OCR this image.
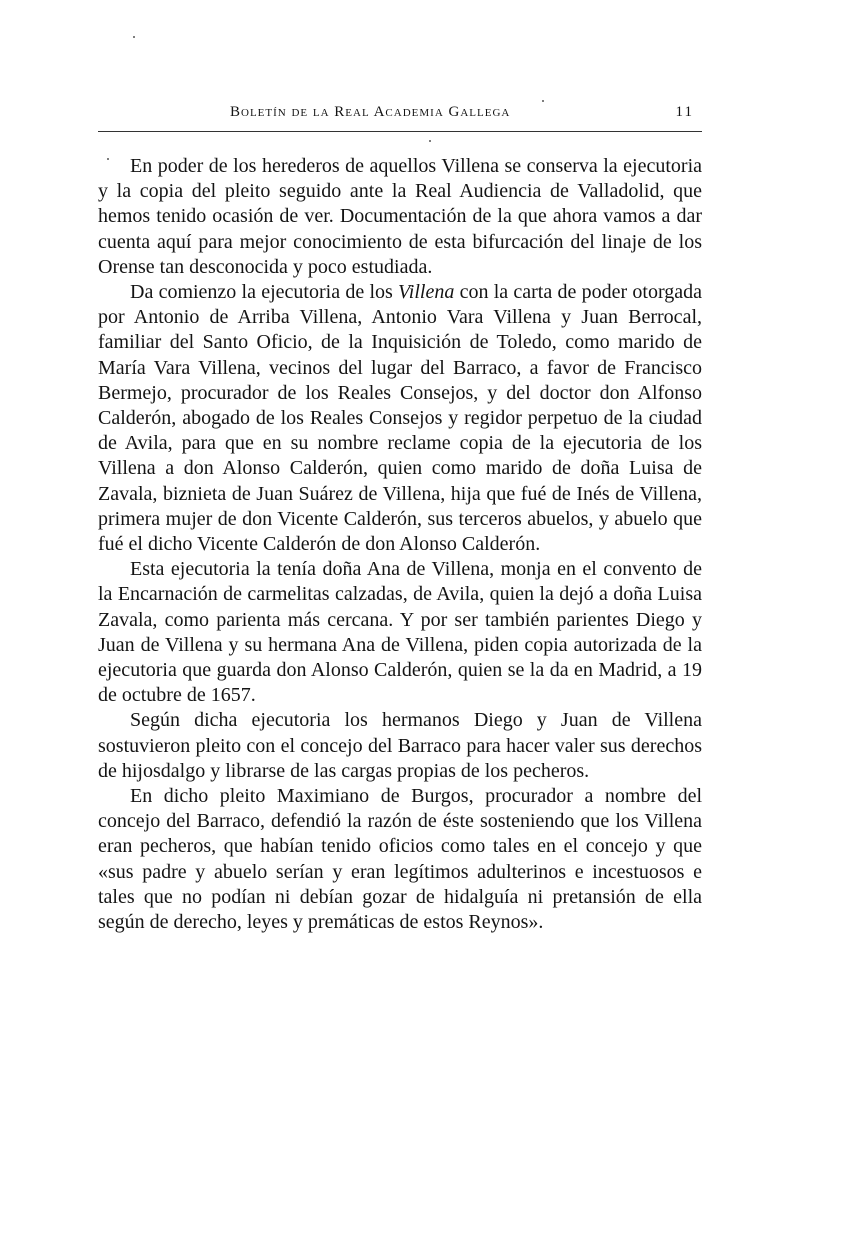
Boletín de la Real Academia Gallega	11

En poder de los herederos de aquellos Villena se conserva la ejecutoria y la copia del pleito seguido ante la Real Audiencia de Valladolid, que hemos tenido ocasión de ver. Documentación de la que ahora vamos a dar cuenta aquí para mejor conocimiento de esta bifurcación del linaje de los Orense tan desconocida y poco estudiada.

Da comienzo la ejecutoria de los Villena con la carta de poder otorgada por Antonio de Arriba Villena, Antonio Vara Villena y Juan Berrocal, familiar del Santo Oficio, de la Inquisición de Toledo, como marido de María Vara Villena, vecinos del lugar del Barraco, a favor de Francisco Bermejo, procurador de los Reales Consejos, y del doctor don Alfonso Calderón, abogado de los Reales Consejos y regidor perpetuo de la ciudad de Avila, para que en su nombre reclame copia de la ejecutoria de los Villena a don Alonso Calderón, quien como marido de doña Luisa de Zavala, biznieta de Juan Suárez de Villena, hija que fué de Inés de Villena, primera mujer de don Vicente Calderón, sus terceros abuelos, y abuelo que fué el dicho Vicente Calderón de don Alonso Calderón.

Esta ejecutoria la tenía doña Ana de Villena, monja en el convento de la Encarnación de carmelitas calzadas, de Avila, quien la dejó a doña Luisa Zavala, como parienta más cercana. Y por ser también parientes Diego y Juan de Villena y su hermana Ana de Villena, piden copia autorizada de la ejecutoria que guarda don Alonso Calderón, quien se la da en Madrid, a 19 de octubre de 1657.

Según dicha ejecutoria los hermanos Diego y Juan de Villena sostuvieron pleito con el concejo del Barraco para hacer valer sus derechos de hijosdalgo y librarse de las cargas propias de los pecheros.

En dicho pleito Maximiano de Burgos, procurador a nombre del concejo del Barraco, defendió la razón de éste sosteniendo que los Villena eran pecheros, que habían tenido oficios como tales en el concejo y que «sus padre y abuelo serían y eran legítimos adulterinos e incestuosos e tales que no podían ni debían gozar de hidalguía ni pretansión de ella según de derecho, leyes y premáticas de estos Reynos».
